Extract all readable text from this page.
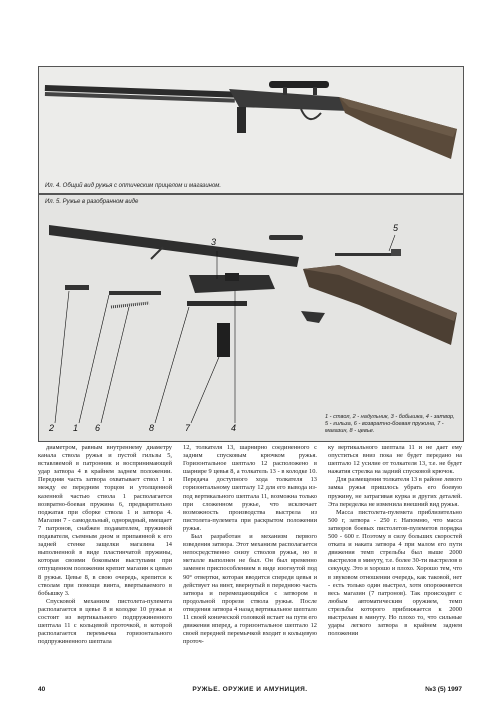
Ил. 4. Общий вид ружья с оптическим прицелом и магазином.
Ил. 5. Ружье в разобранном виде
3
5
2 1 6	8	7	4
1 - ствол, 2 - надульник, 3 - бобышка, 4 - затвор, 5 - гильза, 6 - возвратно-боевая пружина, 7 - магазин, 8 - цевье.

диаметром, равным внутреннему диаметру канала ствола ружья и пустой гильзы 5, вставляемой в патронник и воспринимающей удар затвора 4 в крайнем заднем положении. Передняя часть затвора охватывает ствол 1 и между ее передним торцом и утолщенной казенной частью ствола 1 располагается возвратно-боевая пружина 6, предварительно поджатая при сборке ствола 1 и затвора 4. Магазин 7 - самодельный, однорядный, вмещает 7 патронов, снабжен подавателем, пружиной подавателя, съемным дном и припаянной к его задней стенке защелки магазина 14 выполненной в виде пластинчатой пружины, которая своими боковыми выступами при отпущенном положении крепит магазин к цевью 8 ружья. Цевье 8, в свою очередь, крепится к стволам при помощи винта, ввертываемого в бобышку 3.

Спусковой механизм пистолета-пулемета располагается в цевье 8 и колодке 10 ружья и состоит из вертикального подпружиненного шептала 11 с кольцевой проточкой, в которой располагается перемычка горизонтального подпружиненного шептала

12, толкателя 13, шарнирно соединенного с задним спусковым крючком ружья. Горизонтальное шептало 12 расположено в шарнире 9 цевья 8, а толкатель 13 - в колодке 10. Передача доступного хода толкателя 13 горизонтальному шепталу 12 для его вывода из-под вертикального шептала 11, возможна только при сложенном ружье, что исключает возможность производства выстрела из пистолета-пулемета при раскрытом положении ружья.

Был разработан и механизм первого взведения затвора. Этот механизм располагается непосредственно снизу стволов ружья, но в металле выполнен не был. Он был временно заменен приспособлением в виде изогнутой под 90° отвертки, которая вводится спереди цевья и действует на винт, ввернутый в переднюю часть затвора и перемещающийся с затвором в продольной прорези ствола ружья. После отведения затвора 4 назад вертикальное шептало 11 своей конической головкой встает на пути его движения вперед, а горизонтальное шептало 12 своей передней перемычкой входит в кольцевую проточ-

ку вертикального шептала 11 и не дает ему опуститься вниз пока не будет передано на шептало 12 усилие от толкателя 13, т.е. не будет нажатия стрелка на задний спусковой крючок.

Для размещения толкателя 13 в районе левого замка ружья пришлось убрать его боевую пружину, не затрагивая курка и других деталей. Эта переделка не изменила внешний вид ружья.

Масса пистолета-пулемета приблизительно 500 г, затвора - 250 г. Напомню, что масса затворов боевых пистолетов-пулеметов порядка 500 - 600 г. Поэтому в силу больших скоростей отката и наката затвора 4 при малом его пути движения темп стрельбы был выше 2000 выстрелов в минуту, т.е. более 30-ти выстрелов в секунду. Это и хорошо и плохо. Хорошо тем, что в звуковом отношении очередь, как таковой, нет - есть только один выстрел, хотя опорожняется весь магазин (7 патронов). Так происходит с любым автоматическим оружием, темп стрельбы которого приближается к 2000 выстрелам в минуту. Но плохо то, что сильные удары легкого затвора в крайнем заднем положении

РУЖЬЕ. ОРУЖИЕ И АМУНИЦИЯ.
40	№3 (5) 1997
